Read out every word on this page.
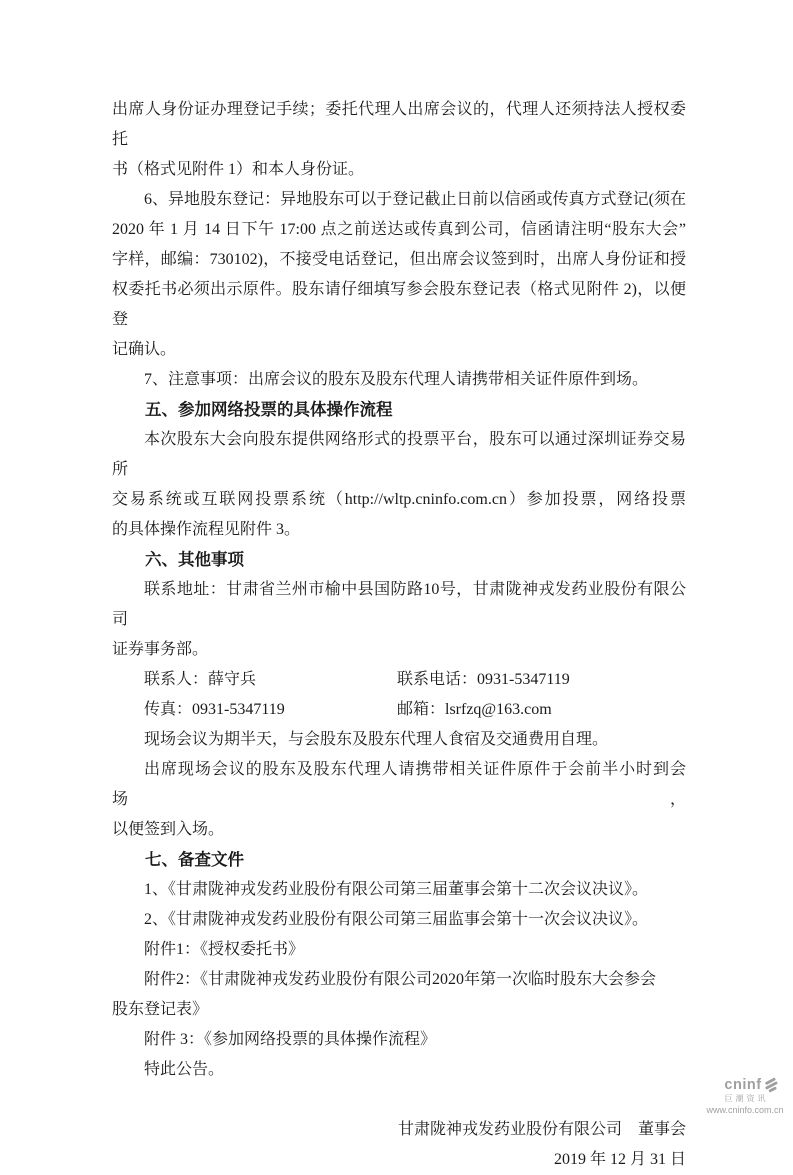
出席人身份证办理登记手续；委托代理人出席会议的，代理人还须持法人授权委托
书（格式见附件 1）和本人身份证。
6、异地股东登记：异地股东可以于登记截止日前以信函或传真方式登记(须在
2020 年 1 月 14 日下午 17:00 点之前送达或传真到公司，信函请注明“股东大会”
字样，邮编：730102)，不接受电话登记，但出席会议签到时，出席人身份证和授
权委托书必须出示原件。股东请仔细填写参会股东登记表（格式见附件 2)，以便登
记确认。
7、注意事项：出席会议的股东及股东代理人请携带相关证件原件到场。
五、参加网络投票的具体操作流程
本次股东大会向股东提供网络形式的投票平台，股东可以通过深圳证券交易所
交易系统或互联网投票系统（http://wltp.cninfo.com.cn）参加投票，网络投票
的具体操作流程见附件 3。
六、其他事项
联系地址：甘肃省兰州市榆中县国防路10号，甘肃陇神戎发药业股份有限公司
证券事务部。
联系人：薛守兵	联系电话：0931-5347119
传真：0931-5347119	邮箱：lsrfzq@163.com
现场会议为期半天，与会股东及股东代理人食宿及交通费用自理。
出席现场会议的股东及股东代理人请携带相关证件原件于会前半小时到会场，
以便签到入场。
七、备查文件
1、《甘肃陇神戎发药业股份有限公司第三届董事会第十二次会议决议》。
2、《甘肃陇神戎发药业股份有限公司第三届监事会第十一次会议决议》。
附件1：《授权委托书》
附件2：《甘肃陇神戎发药业股份有限公司2020年第一次临时股东大会参会
股东登记表》
附件 3：《参加网络投票的具体操作流程》
特此公告。
甘肃陇神戎发药业股份有限公司　董事会
2019 年 12 月 31 日
cninf
巨潮资讯
www.cninfo.com.cn
